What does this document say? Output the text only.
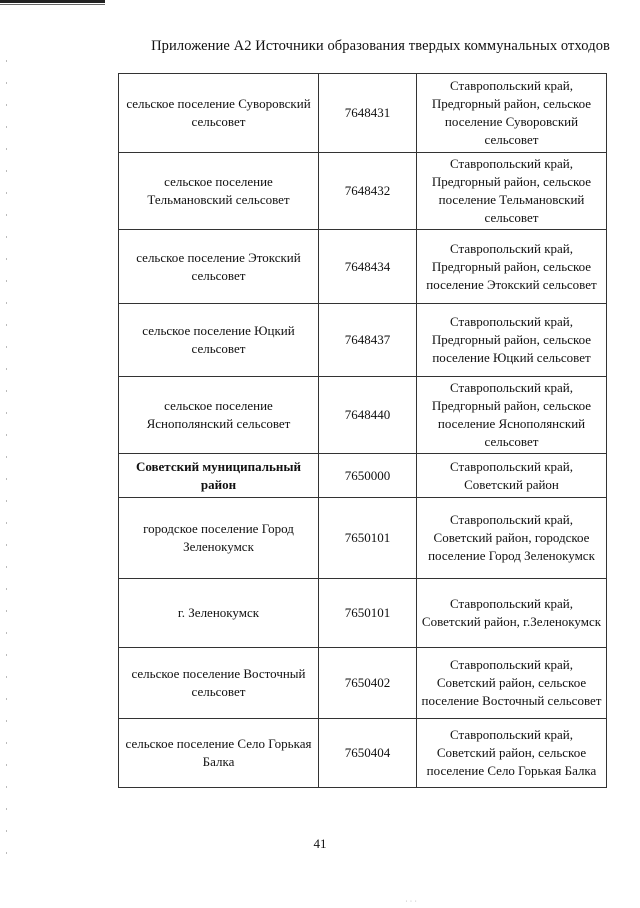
Приложение А2 Источники образования твердых коммунальных отходов
сельское поселение Суворовский сельсовет	7648431	Ставропольский край, Предгорный район, сельское поселение Суворовский сельсовет
сельское поселение Тельмановский сельсовет	7648432	Ставропольский край, Предгорный район, сельское поселение Тельмановский сельсовет
сельское поселение Этокский сельсовет	7648434	Ставропольский край, Предгорный район, сельское поселение Этокский сельсовет
сельское поселение Юцкий сельсовет	7648437	Ставропольский край, Предгорный район, сельское поселение Юцкий сельсовет
сельское поселение Яснополянский сельсовет	7648440	Ставропольский край, Предгорный район, сельское поселение Яснополянский сельсовет
Советский муниципальный район	7650000	Ставропольский край, Советский район
городское поселение Город Зеленокумск	7650101	Ставропольский край, Советский район, городское поселение Город Зеленокумск
г. Зеленокумск	7650101	Ставропольский край, Советский район, г.Зеленокумск
сельское поселение Восточный сельсовет	7650402	Ставропольский край, Советский район, сельское поселение Восточный сельсовет
сельское поселение Село Горькая Балка	7650404	Ставропольский край, Советский район, сельское поселение Село Горькая Балка
41
˙ ˙ ˙
